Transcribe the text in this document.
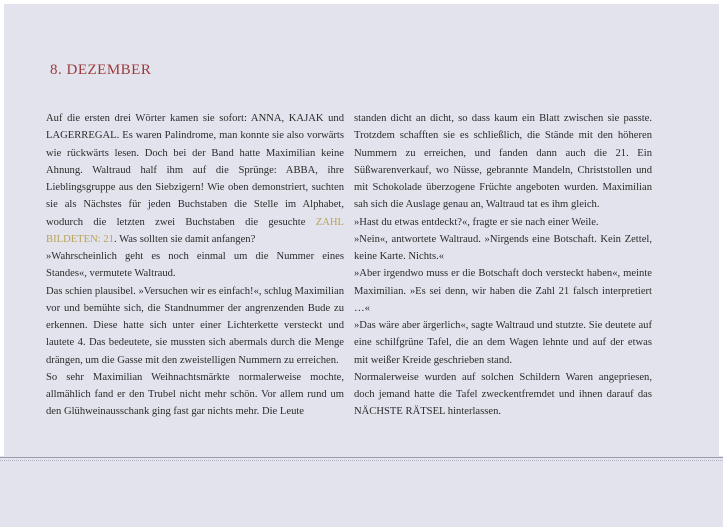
8. DEZEMBER

Auf die ersten drei Wörter kamen sie sofort: ANNA, KAJAK und LAGERREGAL. Es waren Palindrome, man konnte sie also vorwärts wie rückwärts lesen. Doch bei der Band hatte Maximilian keine Ahnung. Waltraud half ihm auf die Sprünge: ABBA, ihre Lieblingsgruppe aus den Siebzigern! Wie oben demonstriert, suchten sie als Nächstes für jeden Buchstaben die Stelle im Alphabet, wodurch die letzten zwei Buchstaben die gesuchte ZAHL BILDETEN: 21. Was sollten sie damit anfangen?

»Wahrscheinlich geht es noch einmal um die Nummer eines Standes«, vermutete Waltraud.

Das schien plausibel. »Versuchen wir es einfach!«, schlug Maximilian vor und bemühte sich, die Standnummer der angrenzenden Bude zu erkennen. Diese hatte sich unter einer Lichterkette versteckt und lautete 4. Das bedeutete, sie mussten sich abermals durch die Menge drängen, um die Gasse mit den zweistelligen Nummern zu erreichen.

So sehr Maximilian Weihnachtsmärkte normalerweise mochte, allmählich fand er den Trubel nicht mehr schön. Vor allem rund um den Glühweinausschank ging fast gar nichts mehr. Die Leute

standen dicht an dicht, so dass kaum ein Blatt zwischen sie passte. Trotzdem schafften sie es schließlich, die Stände mit den höheren Nummern zu erreichen, und fanden dann auch die 21. Ein Süßwarenverkauf, wo Nüsse, gebrannte Mandeln, Christstollen und mit Schokolade überzogene Früchte angeboten wurden. Maximilian sah sich die Auslage genau an, Waltraud tat es ihm gleich.

»Hast du etwas entdeckt?«, fragte er sie nach einer Weile.

»Nein«, antwortete Waltraud. »Nirgends eine Botschaft. Kein Zettel, keine Karte. Nichts.«

»Aber irgendwo muss er die Botschaft doch versteckt haben«, meinte Maximilian. »Es sei denn, wir haben die Zahl 21 falsch interpretiert …«

»Das wäre aber ärgerlich«, sagte Waltraud und stutzte. Sie deutete auf eine schilfgrüne Tafel, die an dem Wagen lehnte und auf der etwas mit weißer Kreide geschrieben stand.

Normalerweise wurden auf solchen Schildern Waren angepriesen, doch jemand hatte die Tafel zweckentfremdet und ihnen darauf das NÄCHSTE RÄTSEL hinterlassen.
